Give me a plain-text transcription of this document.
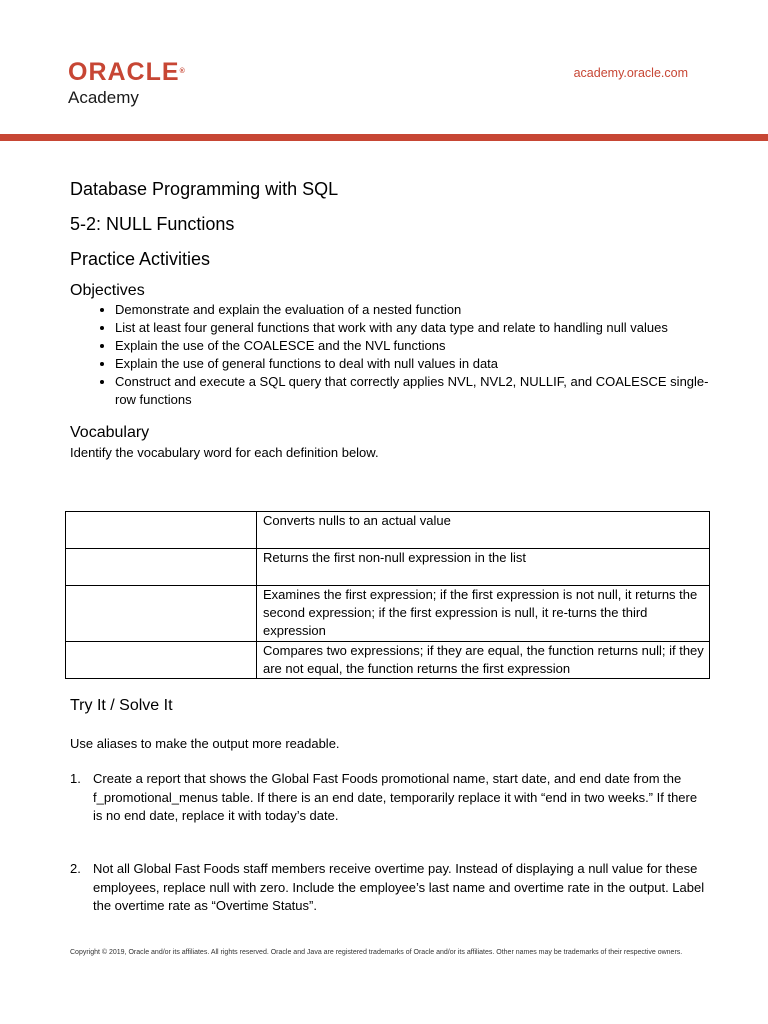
ORACLE®
Academy
academy.oracle.com
Database Programming with SQL
5-2: NULL Functions
Practice Activities
Objectives
• Demonstrate and explain the evaluation of a nested function
• List at least four general functions that work with any data type and relate to handling null values
• Explain the use of the COALESCE and the NVL functions
• Explain the use of general functions to deal with null values in data
• Construct and execute a SQL query that correctly applies NVL, NVL2, NULLIF, and COALESCE single-row functions
Vocabulary

Identify the vocabulary word for each definition below.

	Converts nulls to an actual value
	Returns the first non-null expression in the list
	Examines the first expression; if the first expression is not null, it returns the second expression; if the first expression is null, it re-turns the third expression
	Compares two expressions; if they are equal, the function returns null; if they are not equal, the function returns the first expression
Try It / Solve It
Use aliases to make the output more readable.
1. Create a report that shows the Global Fast Foods promotional name, start date, and end date from the f_promotional_menus table. If there is an end date, temporarily replace it with “end in two weeks.” If there is no end date, replace it with today’s date.
2. Not all Global Fast Foods staff members receive overtime pay. Instead of displaying a null value for these employees, replace null with zero. Include the employee’s last name and overtime rate in the output. Label the overtime rate as “Overtime Status”.
Copyright © 2019, Oracle and/or its affiliates. All rights reserved. Oracle and Java are registered trademarks of Oracle and/or its affiliates. Other names may be trademarks of their respective owners.
